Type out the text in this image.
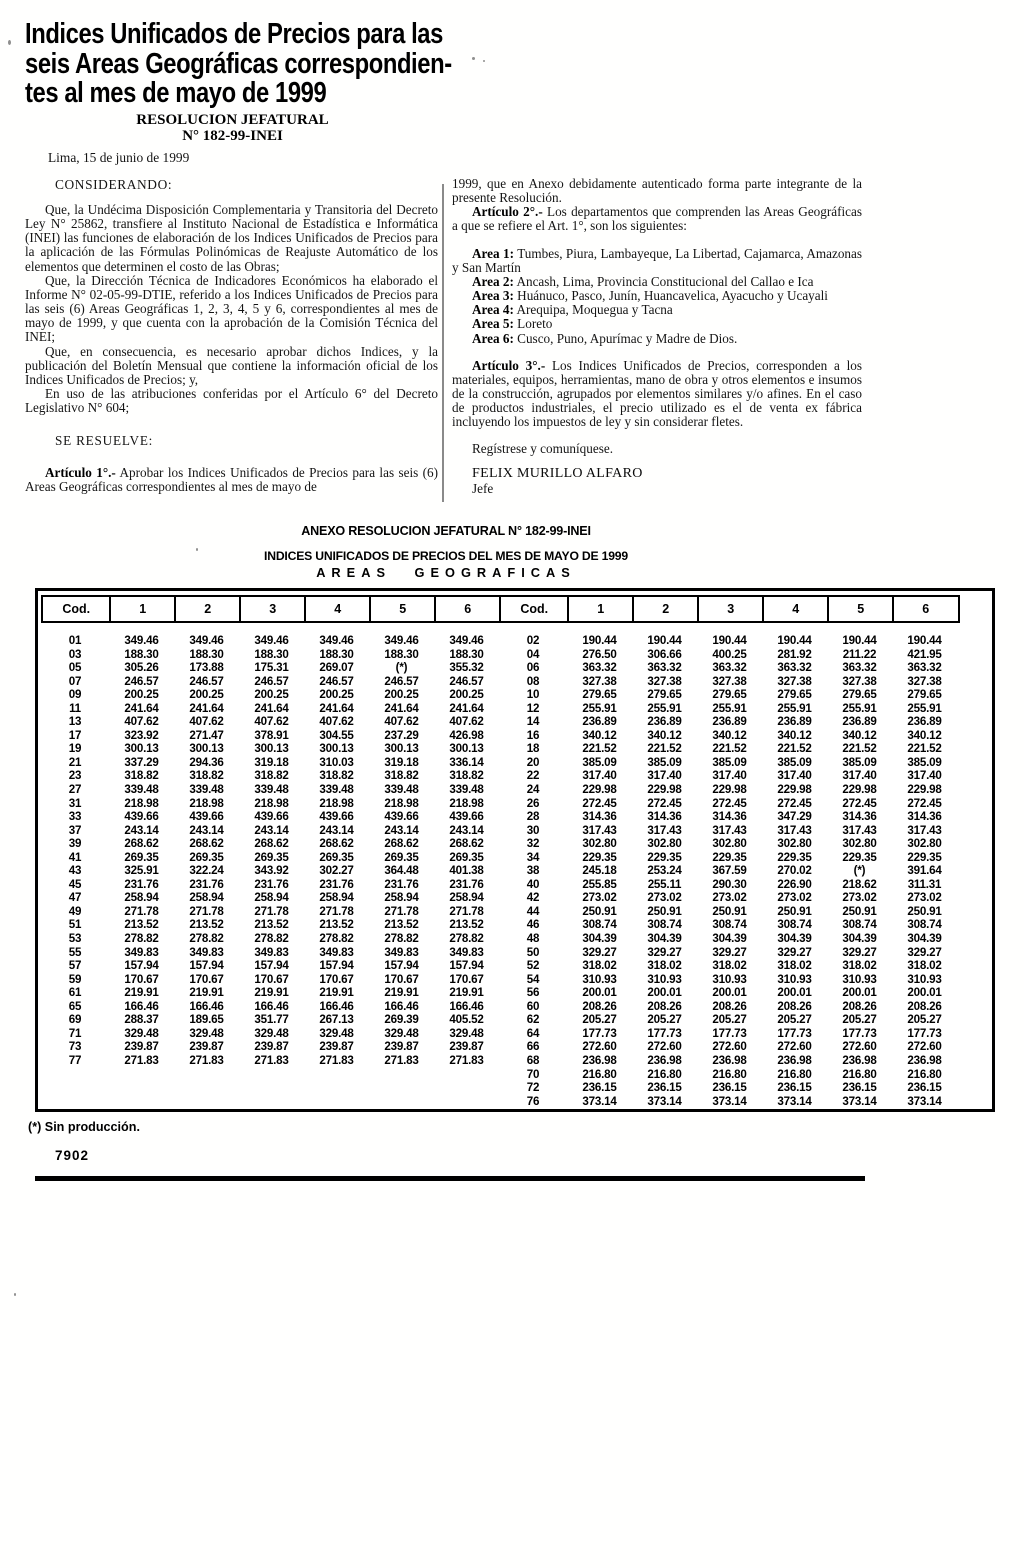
Indices Unificados de Precios para las
seis Areas Geográficas correspondien-
tes al mes de mayo de 1999
RESOLUCION JEFATURAL
N° 182-99-INEI
Lima, 15 de junio de 1999
CONSIDERANDO:

Que, la Undécima Disposición Complementaria y Transitoria del Decreto Ley N° 25862, transfiere al Instituto Nacional de Estadística e Informática (INEI) las funciones de elaboración de los Indices Unificados de Precios para la aplicación de las Fórmulas Polinómicas de Reajuste Automático de los elementos que determinen el costo de las Obras;

Que, la Dirección Técnica de Indicadores Económicos ha elaborado el Informe N° 02-05-99-DTIE, referido a los Indices Unificados de Precios para las seis (6) Areas Geográficas 1, 2, 3, 4, 5 y 6, correspondientes al mes de mayo de 1999, y que cuenta con la aprobación de la Comisión Técnica del INEI;

Que, en consecuencia, es necesario aprobar dichos Indices, y la publicación del Boletín Mensual que contiene la información oficial de los Indices Unificados de Precios; y,

En uso de las atribuciones conferidas por el Artículo 6° del Decreto Legislativo N° 604;

SE RESUELVE:

Artículo 1°.- Aprobar los Indices Unificados de Precios para las seis (6) Areas Geográficas correspondientes al mes de mayo de

1999, que en Anexo debidamente autenticado forma parte integrante de la presente Resolución.

Artículo 2°.- Los departamentos que comprenden las Areas Geográficas a que se refiere el Art. 1°, son los siguientes:

Area 1: Tumbes, Piura, Lambayeque, La Libertad, Cajamarca, Amazonas y San Martín

Area 2: Ancash, Lima, Provincia Constitucional del Callao e Ica

Area 3: Huánuco, Pasco, Junín, Huancavelica, Ayacucho y Ucayali

Area 4: Arequipa, Moquegua y Tacna

Area 5: Loreto

Area 6: Cusco, Puno, Apurímac y Madre de Dios.

Artículo 3°.- Los Indices Unificados de Precios, corresponden a los materiales, equipos, herramientas, mano de obra y otros elementos e insumos de la construcción, agrupados por elementos similares y/o afines. En el caso de productos industriales, el precio utilizado es el de venta ex fábrica incluyendo los impuestos de ley y sin considerar fletes.

Regístrese y comuníquese.

FELIX MURILLO ALFARO

Jefe

ANEXO RESOLUCION JEFATURAL N° 182-99-INEI
INDICES UNIFICADOS DE PRECIOS DEL MES DE MAYO DE 1999
AREAS GEOGRAFICAS
Cod.	1	2	3	4	5	6	Cod.	1	2	3	4	5	6
01	349.46	349.46	349.46	349.46	349.46	349.46	02	190.44	190.44	190.44	190.44	190.44	190.44
03	188.30	188.30	188.30	188.30	188.30	188.30	04	276.50	306.66	400.25	281.92	211.22	421.95
05	305.26	173.88	175.31	269.07	(*)	355.32	06	363.32	363.32	363.32	363.32	363.32	363.32
07	246.57	246.57	246.57	246.57	246.57	246.57	08	327.38	327.38	327.38	327.38	327.38	327.38
09	200.25	200.25	200.25	200.25	200.25	200.25	10	279.65	279.65	279.65	279.65	279.65	279.65
11	241.64	241.64	241.64	241.64	241.64	241.64	12	255.91	255.91	255.91	255.91	255.91	255.91
13	407.62	407.62	407.62	407.62	407.62	407.62	14	236.89	236.89	236.89	236.89	236.89	236.89
17	323.92	271.47	378.91	304.55	237.29	426.98	16	340.12	340.12	340.12	340.12	340.12	340.12
19	300.13	300.13	300.13	300.13	300.13	300.13	18	221.52	221.52	221.52	221.52	221.52	221.52
21	337.29	294.36	319.18	310.03	319.18	336.14	20	385.09	385.09	385.09	385.09	385.09	385.09
23	318.82	318.82	318.82	318.82	318.82	318.82	22	317.40	317.40	317.40	317.40	317.40	317.40
27	339.48	339.48	339.48	339.48	339.48	339.48	24	229.98	229.98	229.98	229.98	229.98	229.98
31	218.98	218.98	218.98	218.98	218.98	218.98	26	272.45	272.45	272.45	272.45	272.45	272.45
33	439.66	439.66	439.66	439.66	439.66	439.66	28	314.36	314.36	314.36	347.29	314.36	314.36
37	243.14	243.14	243.14	243.14	243.14	243.14	30	317.43	317.43	317.43	317.43	317.43	317.43
39	268.62	268.62	268.62	268.62	268.62	268.62	32	302.80	302.80	302.80	302.80	302.80	302.80
41	269.35	269.35	269.35	269.35	269.35	269.35	34	229.35	229.35	229.35	229.35	229.35	229.35
43	325.91	322.24	343.92	302.27	364.48	401.38	38	245.18	253.24	367.59	270.02	(*)	391.64
45	231.76	231.76	231.76	231.76	231.76	231.76	40	255.85	255.11	290.30	226.90	218.62	311.31
47	258.94	258.94	258.94	258.94	258.94	258.94	42	273.02	273.02	273.02	273.02	273.02	273.02
49	271.78	271.78	271.78	271.78	271.78	271.78	44	250.91	250.91	250.91	250.91	250.91	250.91
51	213.52	213.52	213.52	213.52	213.52	213.52	46	308.74	308.74	308.74	308.74	308.74	308.74
53	278.82	278.82	278.82	278.82	278.82	278.82	48	304.39	304.39	304.39	304.39	304.39	304.39
55	349.83	349.83	349.83	349.83	349.83	349.83	50	329.27	329.27	329.27	329.27	329.27	329.27
57	157.94	157.94	157.94	157.94	157.94	157.94	52	318.02	318.02	318.02	318.02	318.02	318.02
59	170.67	170.67	170.67	170.67	170.67	170.67	54	310.93	310.93	310.93	310.93	310.93	310.93
61	219.91	219.91	219.91	219.91	219.91	219.91	56	200.01	200.01	200.01	200.01	200.01	200.01
65	166.46	166.46	166.46	166.46	166.46	166.46	60	208.26	208.26	208.26	208.26	208.26	208.26
69	288.37	189.65	351.77	267.13	269.39	405.52	62	205.27	205.27	205.27	205.27	205.27	205.27
71	329.48	329.48	329.48	329.48	329.48	329.48	64	177.73	177.73	177.73	177.73	177.73	177.73
73	239.87	239.87	239.87	239.87	239.87	239.87	66	272.60	272.60	272.60	272.60	272.60	272.60
77	271.83	271.83	271.83	271.83	271.83	271.83	68	236.98	236.98	236.98	236.98	236.98	236.98
70	216.80	216.80	216.80	216.80	216.80	216.80
72	236.15	236.15	236.15	236.15	236.15	236.15
76	373.14	373.14	373.14	373.14	373.14	373.14
(*) Sin producción.
7902
